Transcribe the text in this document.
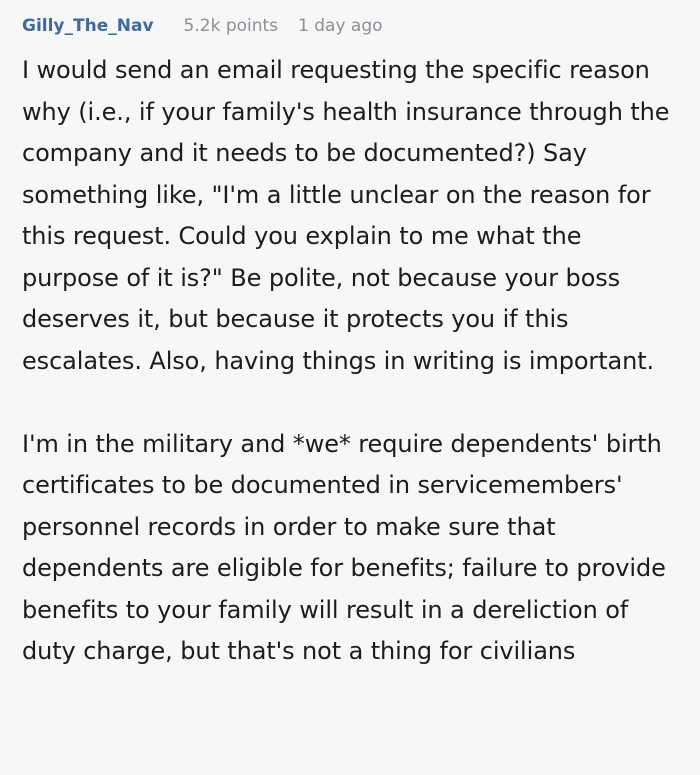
Gilly_The_Nav 5.2k points 1 day ago

I would send an email requesting the specific reason why (i.e., if your family's health insurance through the company and it needs to be documented?) Say something like, "I'm a little unclear on the reason for this request. Could you explain to me what the purpose of it is?" Be polite, not because your boss deserves it, but because it protects you if this escalates. Also, having things in writing is important.

I'm in the military and *we* require dependents' birth certificates to be documented in servicemembers' personnel records in order to make sure that dependents are eligible for benefits; failure to provide benefits to your family will result in a dereliction of duty charge, but that's not a thing for civilians
